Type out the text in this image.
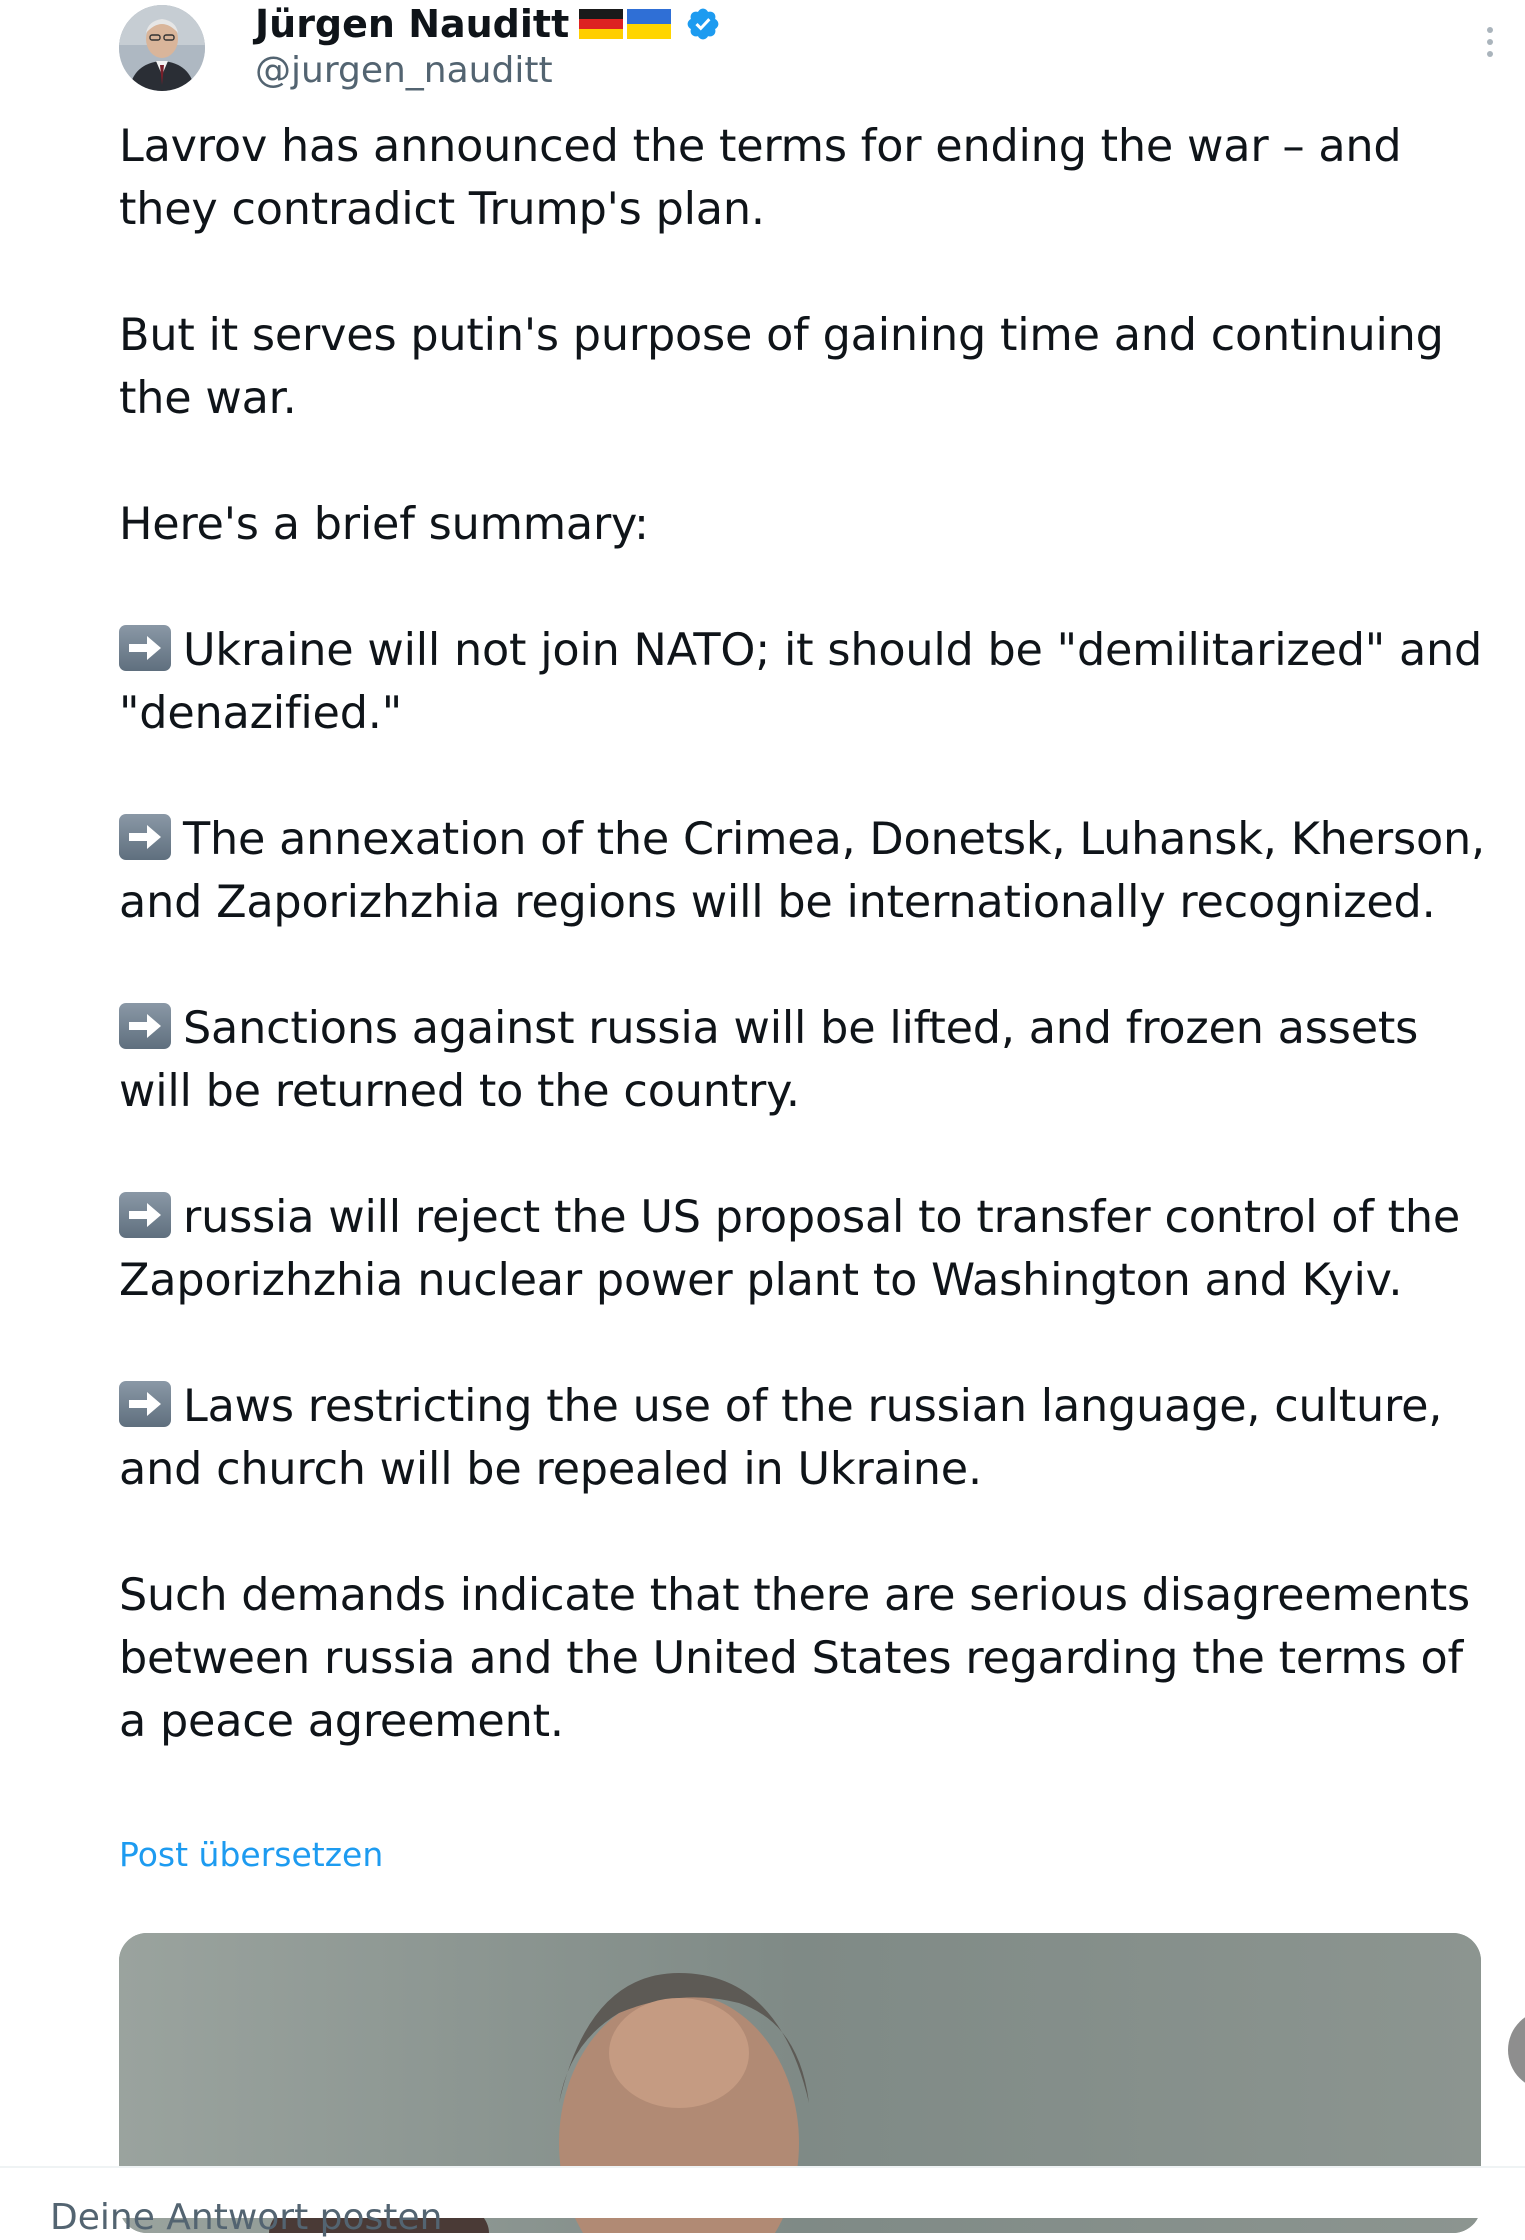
Jürgen Nauditt
@jurgen_nauditt

Lavrov has announced the terms for ending the war – and they contradict Trump's plan.

But it serves putin's purpose of gaining time and continuing the war.

Here's a brief summary:

Ukraine will not join NATO; it should be "demilitarized" and "denazified."

The annexation of the Crimea, Donetsk, Luhansk, Kherson, and Zaporizhzhia regions will be internationally recognized.

Sanctions against russia will be lifted, and frozen assets will be returned to the country.

russia will reject the US proposal to transfer control of the Zaporizhzhia nuclear power plant to Washington and Kyiv.

Laws restricting the use of the russian language, culture, and church will be repealed in Ukraine.

Such demands indicate that there are serious disagreements between russia and the United States regarding the terms of a peace agreement.

Post übersetzen
Deine Antwort posten
